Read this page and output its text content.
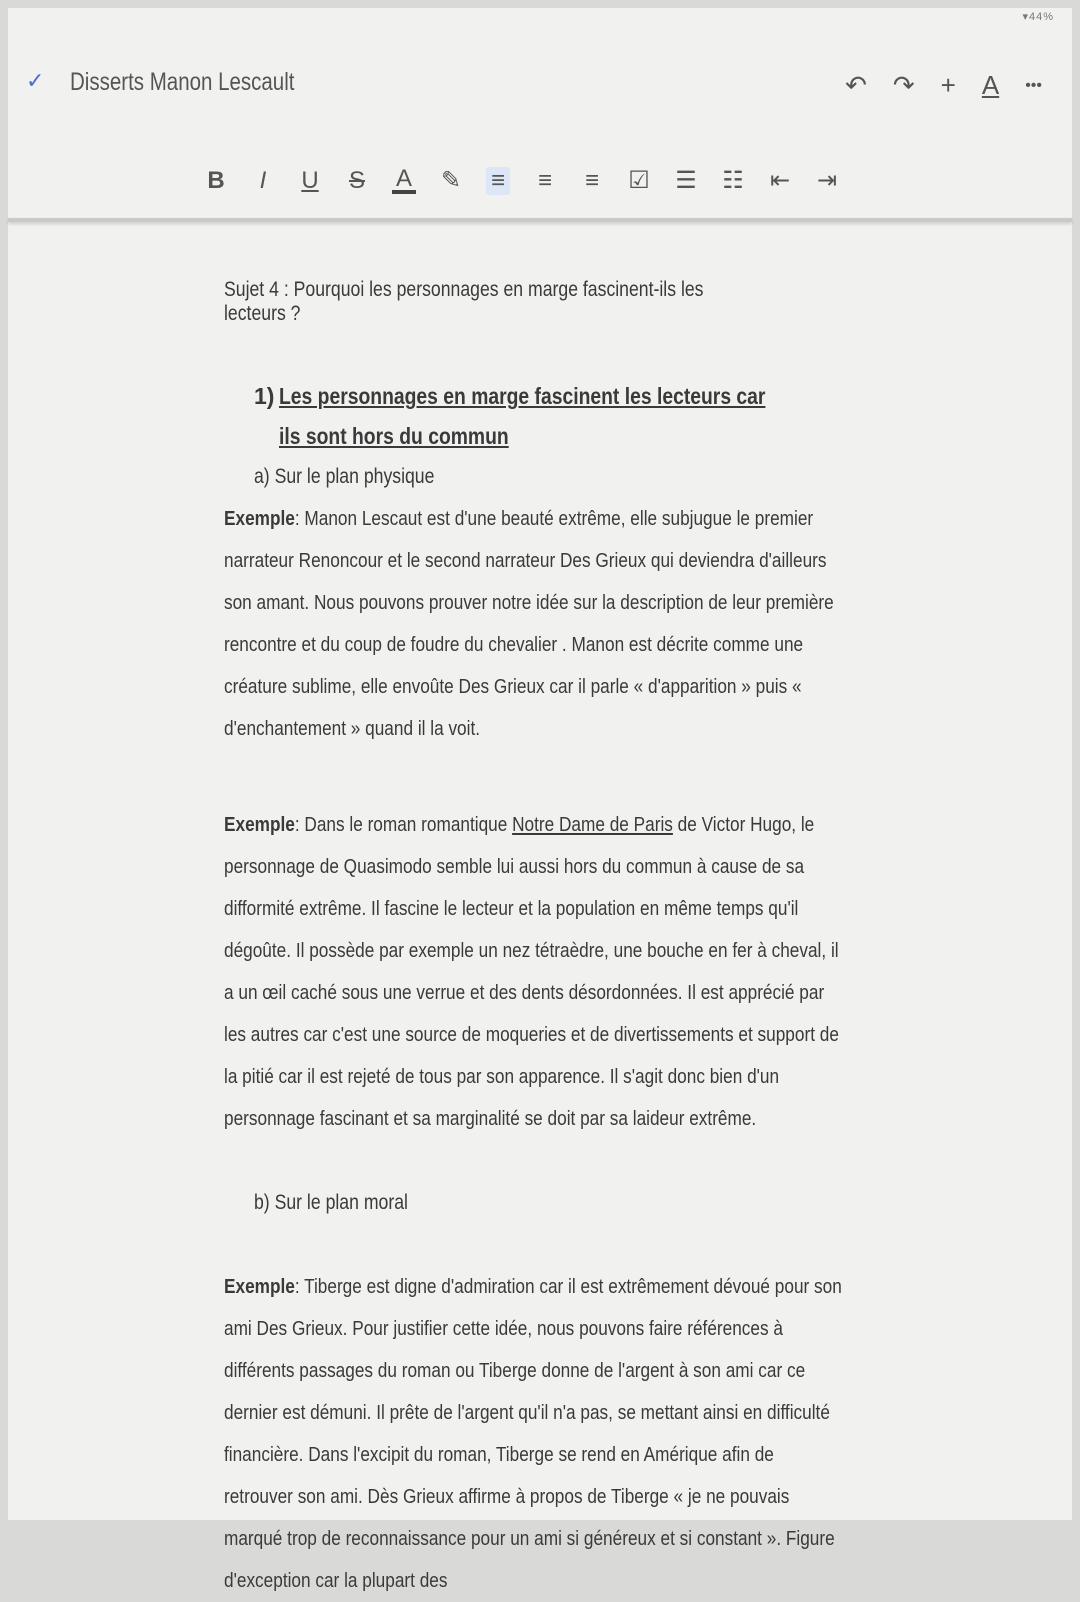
▾44%
✓ Disserts Manon Lescault	↶ ↷ + A •••
B	I	U S A ✎ ≡ ≡ ≡ ☑ ☰ ☷ ⇤ ⇥

Sujet 4 : Pourquoi les personnages en marge fascinent-ils les lecteurs ?

1) Les personnages en marge fascinent les lecteurs car ils sont hors du commun
a) Sur le plan physique

Exemple: Manon Lescaut est d'une beauté extrême, elle subjugue le premier narrateur Renoncour et le second narrateur Des Grieux qui deviendra d'ailleurs son amant. Nous pouvons prouver notre idée sur la description de leur première rencontre et du coup de foudre du chevalier . Manon est décrite comme une créature sublime, elle envoûte Des Grieux car il parle « d'apparition » puis « d'enchantement » quand il la voit.

Exemple: Dans le roman romantique Notre Dame de Paris de Victor Hugo, le personnage de Quasimodo semble lui aussi hors du commun à cause de sa difformité extrême. Il fascine le lecteur et la population en même temps qu'il dégoûte. Il possède par exemple un nez tétraèdre, une bouche en fer à cheval, il a un œil caché sous une verrue et des dents désordonnées. Il est apprécié par les autres car c'est une source de moqueries et de divertissements et support de la pitié car il est rejeté de tous par son apparence. Il s'agit donc bien d'un personnage fascinant et sa marginalité se doit par sa laideur extrême.

b) Sur le plan moral

Exemple: Tiberge est digne d'admiration car il est extrêmement dévoué pour son ami Des Grieux. Pour justifier cette idée, nous pouvons faire références à différents passages du roman ou Tiberge donne de l'argent à son ami car ce dernier est démuni. Il prête de l'argent qu'il n'a pas, se mettant ainsi en difficulté financière. Dans l'excipit du roman, Tiberge se rend en Amérique afin de retrouver son ami. Dès Grieux affirme à propos de Tiberge « je ne pouvais marqué trop de reconnaissance pour un ami si généreux et si constant ». Figure d'exception car la plupart des
